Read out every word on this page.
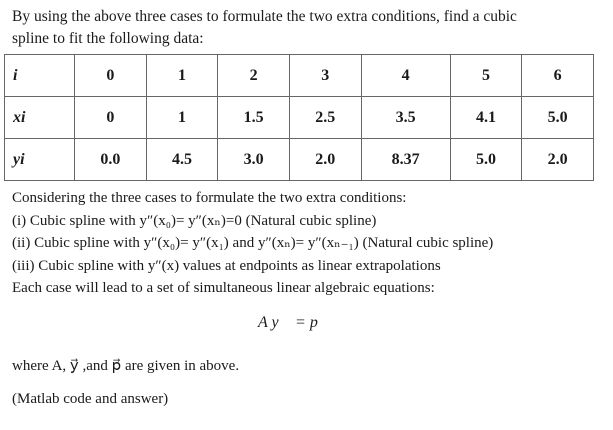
By using the above three cases to formulate the two extra conditions, find a cubic

spline to fit the following data:

i	0	1	2	3	4	5	6
xi	0	1	1.5	2.5	3.5	4.1	5.0
yi	0.0	4.5	3.0	2.0	8.37	5.0	2.0

Considering the three cases to formulate the two extra conditions:

(i) Cubic spline with y″(x₀)= y″(xₙ)=0 (Natural cubic spline)

(ii) Cubic spline with y″(x₀)= y″(x₁) and y″(xₙ)= y″(xₙ₋₁) (Natural cubic spline)

(iii) Cubic spline with y″(x) values at endpoints as linear extrapolations

Each case will lead to a set of simultaneous linear algebraic equations:

A y⃗ = p⃗
where A, y⃗ ,and p⃗ are given in above.
(Matlab code and answer)
